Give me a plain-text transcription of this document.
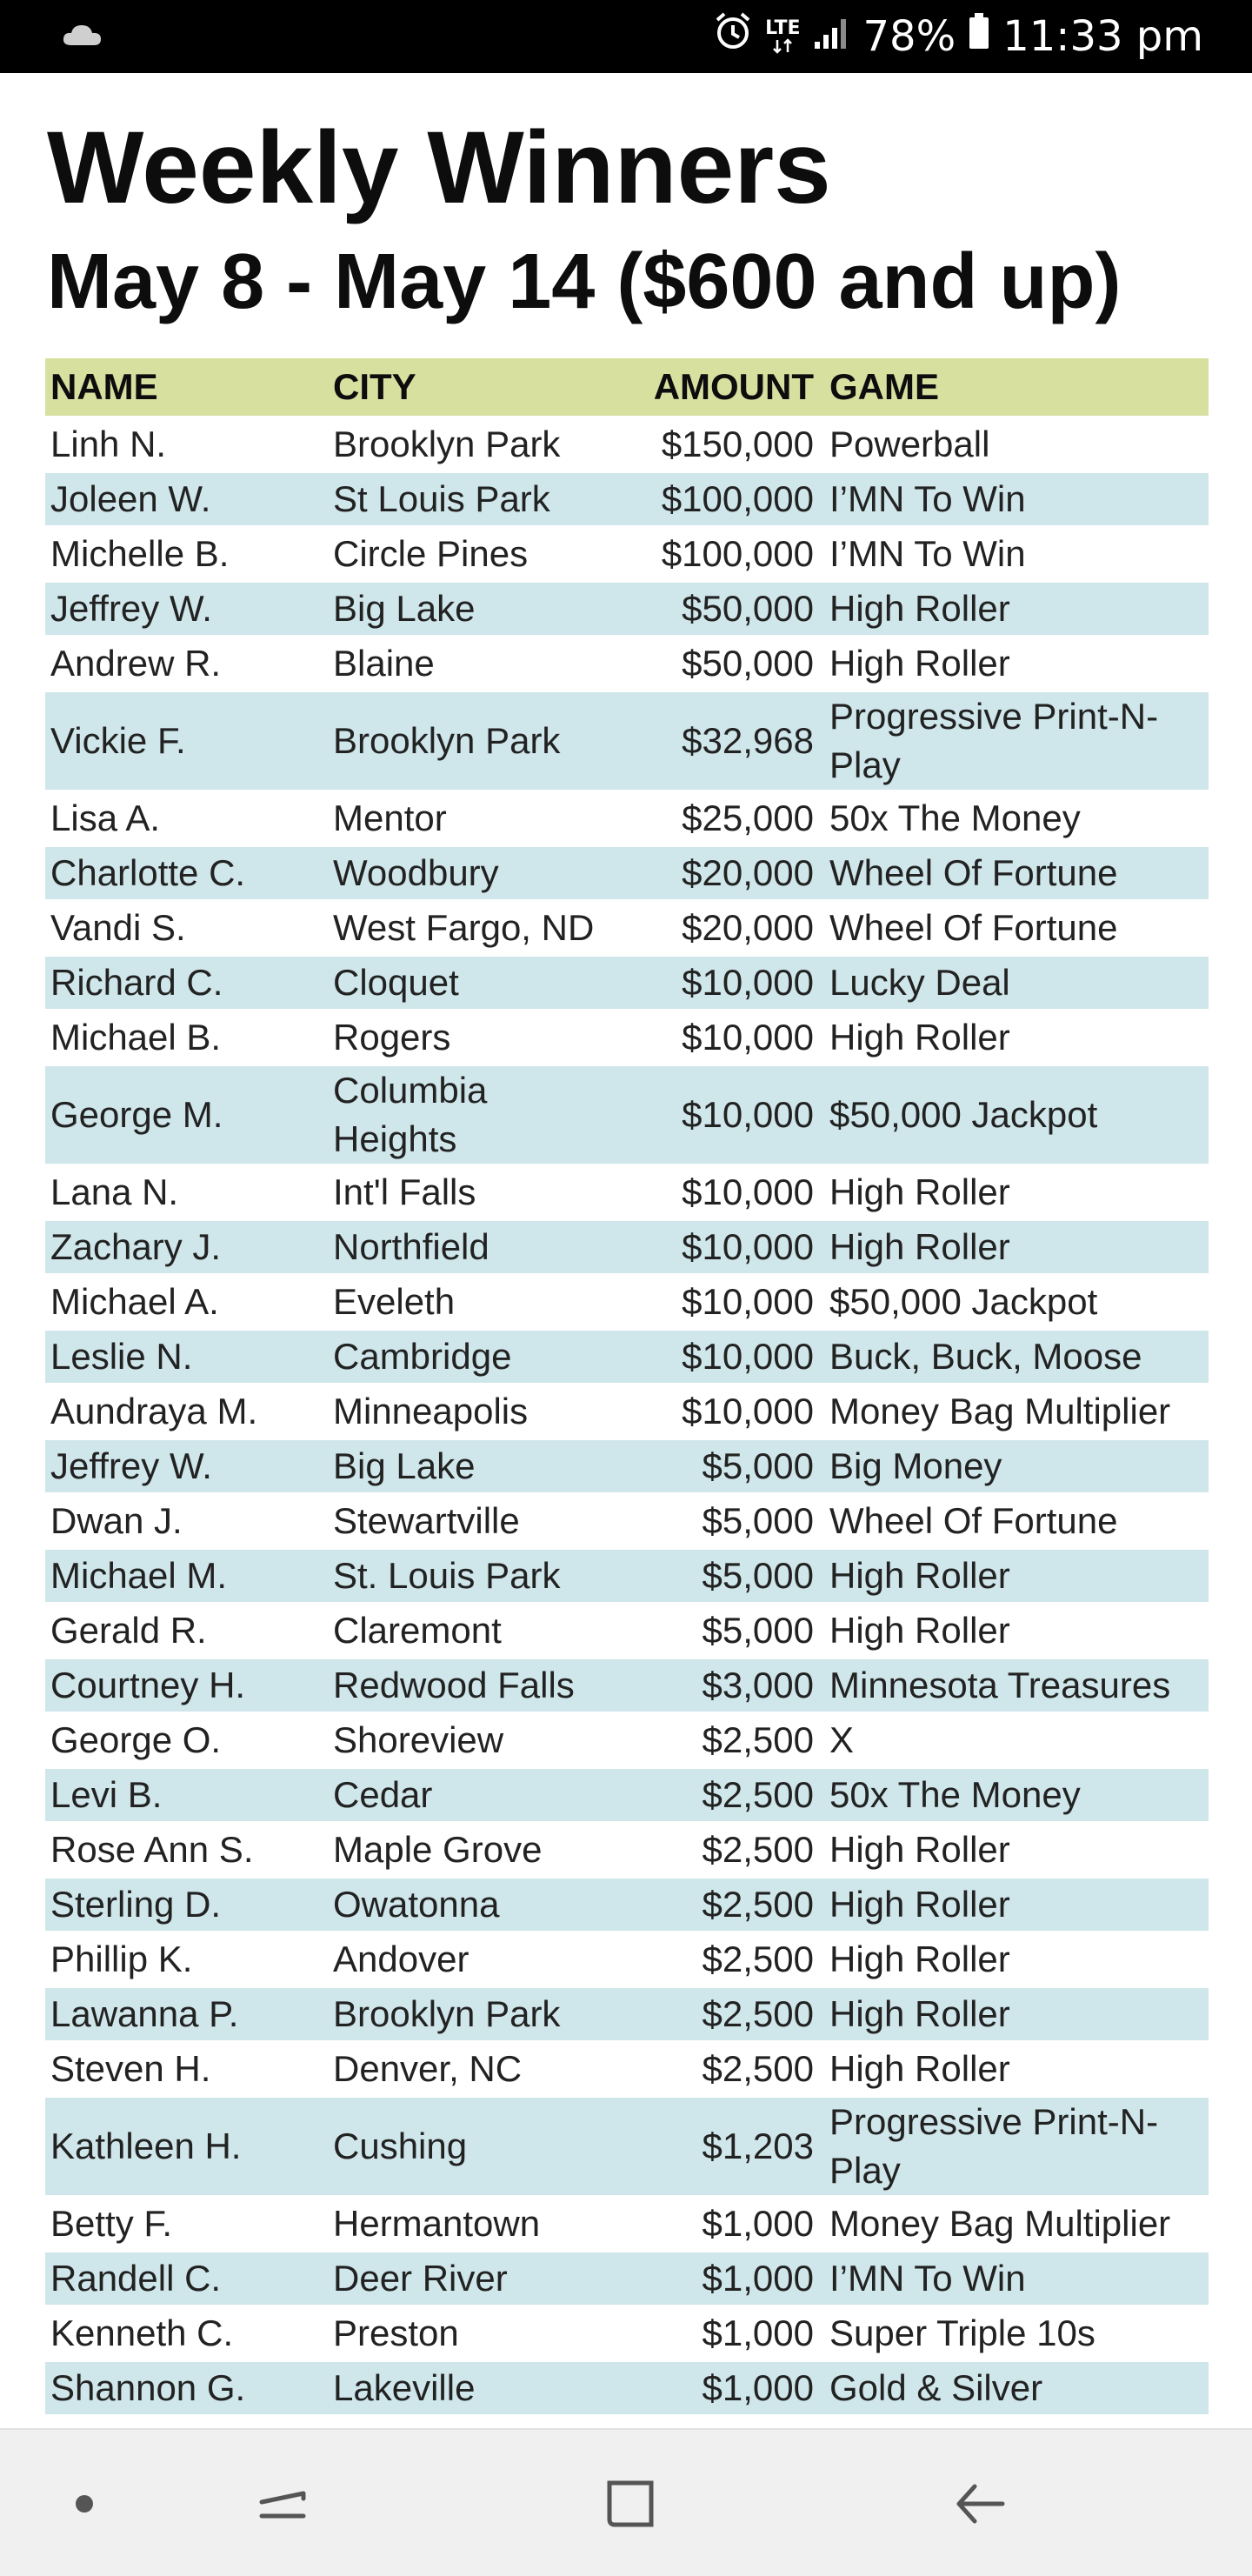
LTE 78% 11:33 pm
Weekly Winners
May 8 - May 14 ($600 and up)
NAME	CITY	AMOUNT	GAME
Linh N.	Brooklyn Park	$150,000	Powerball
Joleen W.	St Louis Park	$100,000	I’MN To Win
Michelle B.	Circle Pines	$100,000	I’MN To Win
Jeffrey W.	Big Lake	$50,000	High Roller
Andrew R.	Blaine	$50,000	High Roller
Vickie F.	Brooklyn Park	$32,968	Progressive Print-N-Play
Lisa A.	Mentor	$25,000	50x The Money
Charlotte C.	Woodbury	$20,000	Wheel Of Fortune
Vandi S.	West Fargo, ND	$20,000	Wheel Of Fortune
Richard C.	Cloquet	$10,000	Lucky Deal
Michael B.	Rogers	$10,000	High Roller
George M.	Columbia Heights	$10,000	$50,000 Jackpot
Lana N.	Int'l Falls	$10,000	High Roller
Zachary J.	Northfield	$10,000	High Roller
Michael A.	Eveleth	$10,000	$50,000 Jackpot
Leslie N.	Cambridge	$10,000	Buck, Buck, Moose
Aundraya M.	Minneapolis	$10,000	Money Bag Multiplier
Jeffrey W.	Big Lake	$5,000	Big Money
Dwan J.	Stewartville	$5,000	Wheel Of Fortune
Michael M.	St. Louis Park	$5,000	High Roller
Gerald R.	Claremont	$5,000	High Roller
Courtney H.	Redwood Falls	$3,000	Minnesota Treasures
George O.	Shoreview	$2,500	X
Levi B.	Cedar	$2,500	50x The Money
Rose Ann S.	Maple Grove	$2,500	High Roller
Sterling D.	Owatonna	$2,500	High Roller
Phillip K.	Andover	$2,500	High Roller
Lawanna P.	Brooklyn Park	$2,500	High Roller
Steven H.	Denver, NC	$2,500	High Roller
Kathleen H.	Cushing	$1,203	Progressive Print-N-Play
Betty F.	Hermantown	$1,000	Money Bag Multiplier
Randell C.	Deer River	$1,000	I’MN To Win
Kenneth C.	Preston	$1,000	Super Triple 10s
Shannon G.	Lakeville	$1,000	Gold & Silver
